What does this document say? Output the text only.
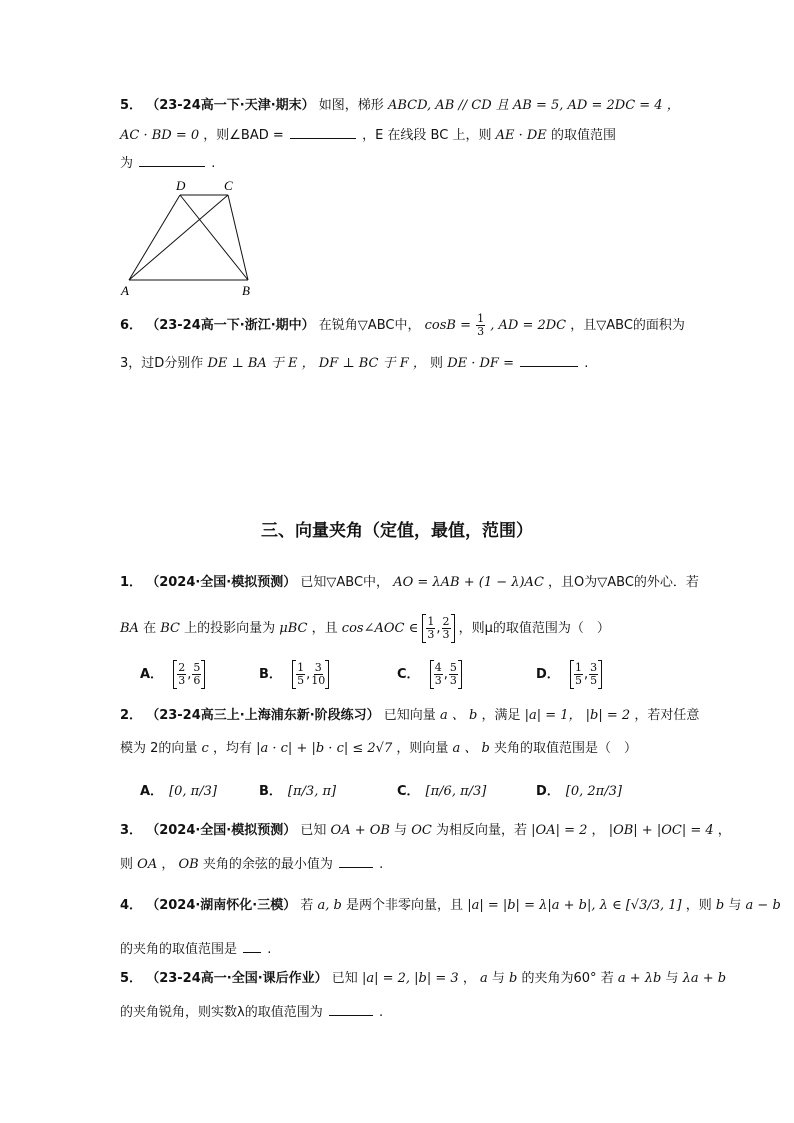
5． （23-24高一下·天津·期末） 如图，梯形 ABCD, AB // CD 且 AB = 5, AD = 2DC = 4 ，
AC · BD = 0 ，则∠BAD =	，E 在线段 BC 上，则 AE · DE 的取值范围
为	.
D	C
A	B
6． （23-24高一下·浙江·期中） 在锐角▽ABC中， $\cos B = \frac{1}{3}$ , AD = 2DC ，且▽ABC的面积为
3，过D分别作 DE ⊥ BA 于 E ， DF ⊥ BC 于 F ， 则 DE · DF =	.
三、向量夹角（定值，最值，范围）
1． （2024·全国·模拟预测） 已知▽ABC中， AO = λAB + (1 − λ)AC ，且O为▽ABC的外心．若
BA 在 BC 上的投影向量为 μBC ，且 cos∠AOC ∈ $\frac{1}{3}$ , $\frac{2}{3}$ ，则μ的取值范围为（　）
A． $\frac{2}{3}$ , $\frac{5}{6}$	B． $\frac{1}{5}$ , $\frac{3}{10}$	C． $\frac{4}{3}$ , $\frac{5}{3}$	D． $\frac{1}{5}$ , $\frac{3}{5}$
2． （23-24高三上·上海浦东新·阶段练习） 已知向量 a 、 b ，满足 |a| = 1， |b| = 2 ，若对任意
模为 2的向量 c ，均有 |a · c| + |b · c| ≤ 2√7 ，则向量 a 、 b 夹角的取值范围是（　）
A． [0, π/3]	B． [π/3, π]	C． [π/6, π/3]	D． [0, 2π/3]
3． （2024·全国·模拟预测） 已知 OA + OB 与 OC 为相反向量，若 |OA| = 2 ， |OB| + |OC| = 4 ，
则 OA ， OB 夹角的余弦的最小值为	.
4． （2024·湖南怀化·三模） 若 a, b 是两个非零向量，且 |a| = |b| = λ|a + b|, λ ∈ [√3/3, 1] ，则 b 与 a − b
的夹角的取值范围是 .
5． （23-24高一·全国·课后作业） 已知 |a| = 2, |b| = 3 ， a 与 b 的夹角为60° 若 a + λb 与 λa + b
的夹角锐角，则实数λ的取值范围为	.
